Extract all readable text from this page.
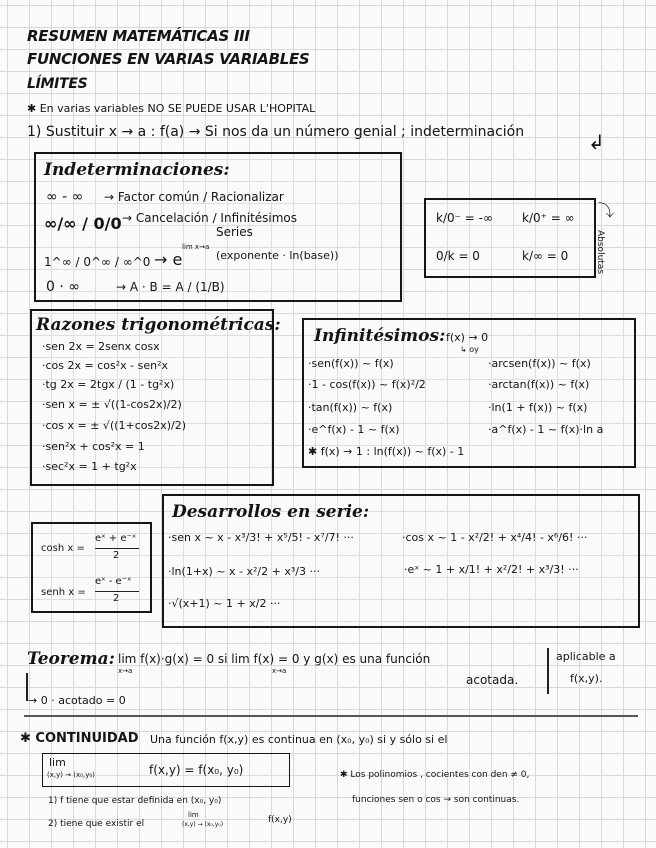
RESUMEN MATEMÁTICAS III
FUNCIONES EN VARIAS VARIABLES
LÍMITES
✱ En varias variables NO SE PUEDE USAR L'HOPITAL
1) Sustituir x → a : f(a) → Si nos da un número genial ; indeterminación	↲
Indeterminaciones:
∞ - ∞ → Factor común / Racionalizar
∞/∞ / 0/0 → Cancelación / Infinitésimos
Series
1^∞ / 0^∞ / ∞^0 → e
lim x→a
(exponente · ln(base))
0 · ∞	→ A · B = A / (1/B)
k/0⁻ = -∞ k/0⁺ = ∞
0/k = 0	k/∞ = 0
⤵
Absolutas
Razones trigonométricas:
·sen 2x = 2senx cosx
·cos 2x = cos²x - sen²x
·tg 2x = 2tgx / (1 - tg²x)
·sen x = ± √((1-cos2x)/2)
·cos x = ± √((1+cos2x)/2)
·sen²x + cos²x = 1
·sec²x = 1 + tg²x
Infinitésimos: f(x) → 0
↳ oy
·sen(f(x)) ~ f(x)
·1 - cos(f(x)) ~ f(x)²/2
·tan(f(x)) ~ f(x)
·e^f(x) - 1 ~ f(x)
✱ f(x) → 1 : ln(f(x)) ~ f(x) - 1
·arcsen(f(x)) ~ f(x)
·arctan(f(x)) ~ f(x)
·ln(1 + f(x)) ~ f(x)
·a^f(x) - 1 ~ f(x)·ln a
cosh x =
eˣ + e⁻ˣ
2
senh x =
eˣ - e⁻ˣ
2
Desarrollos en serie:
·sen x ~ x - x³/3! + x⁵/5! - x⁷/7! ···	·cos x ~ 1 - x²/2! + x⁴/4! - x⁶/6! ···
·ln(1+x) ~ x - x²/2 + x³/3 ···	·eˣ ~ 1 + x/1! + x²/2! + x³/3! ···
·√(x+1) ~ 1 + x/2 ···
Teorema: lim f(x)·g(x) = 0 si lim f(x) = 0 y g(x) es una función
x→a	x→a
acotada.
aplicable a
f(x,y).
→ 0 · acotado = 0
✱ CONTINUIDAD Una función f(x,y) es continua en (x₀, y₀) si y sólo si el
lim
(x,y) → (x₀,y₀)	f(x,y) = f(x₀, y₀)	✱ Los polinomios , cocientes con den ≠ 0,
funciones sen o cos → son continuas.
1) f tiene que estar definida en (x₀, y₀)
2) tiene que existir el
lim
(x,y) → (x₀,y₀)	f(x,y)
